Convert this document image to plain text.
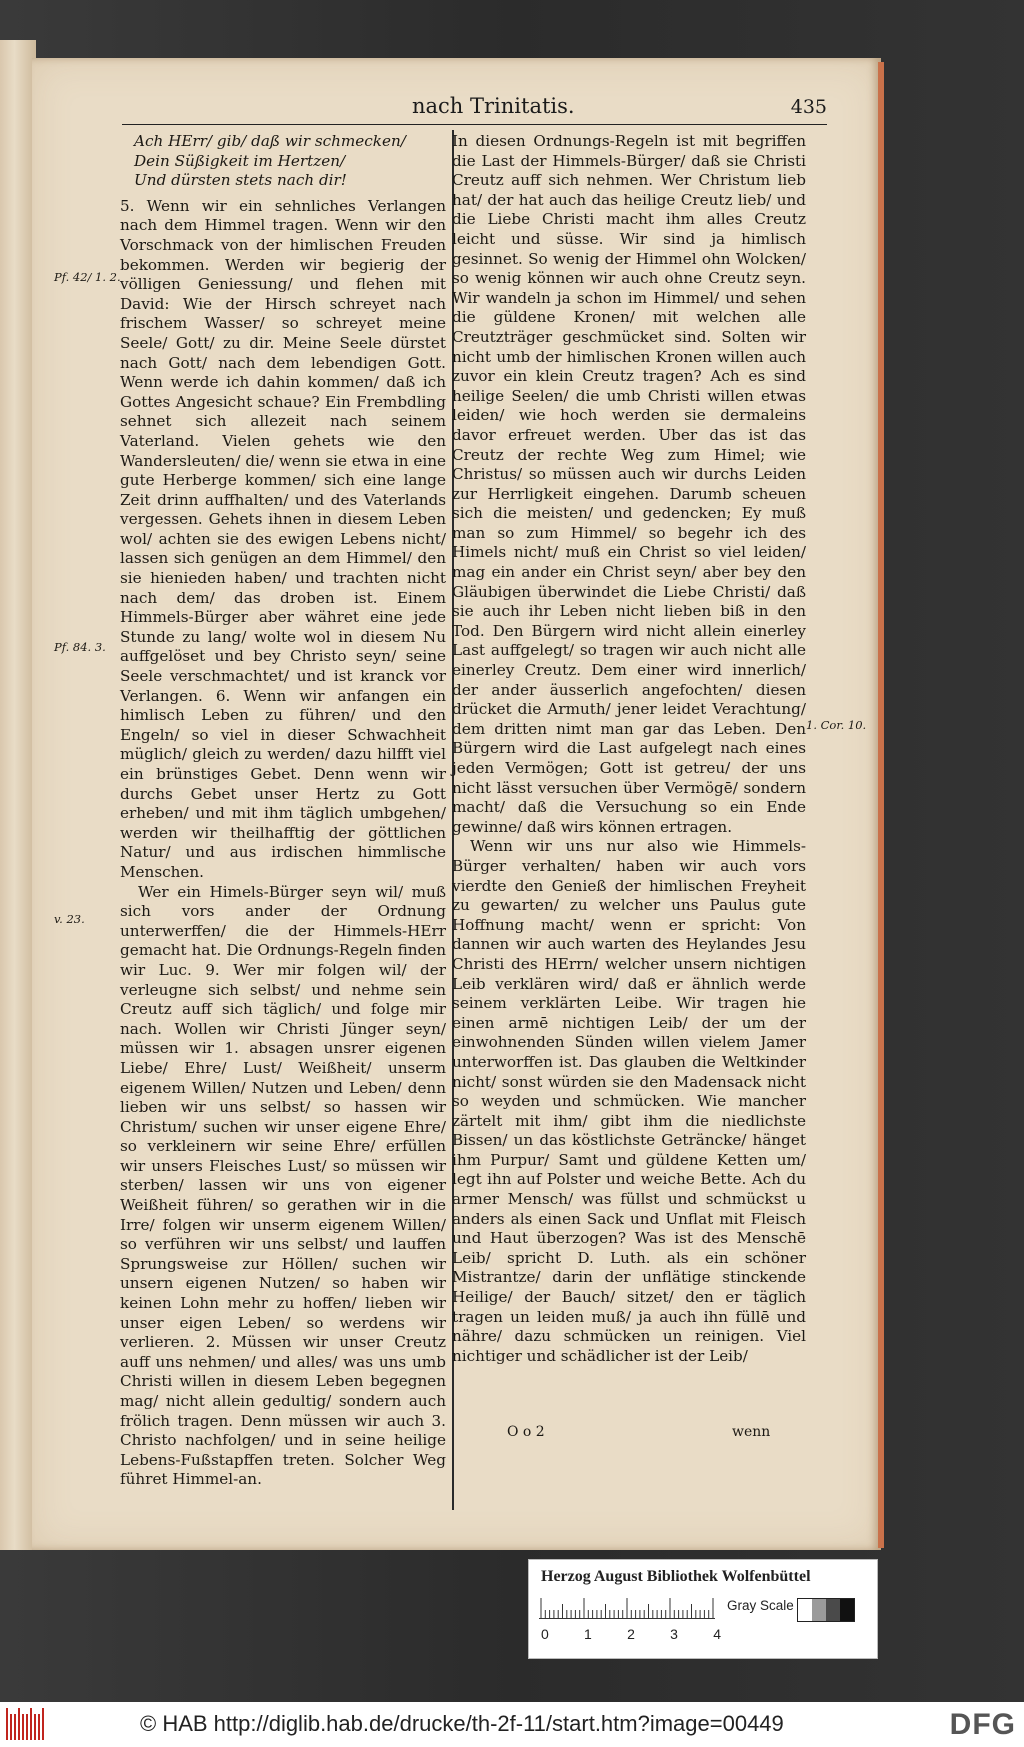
nach Trinitatis.	435
Ach HErr/ gib/ daß wir schmecken/
Dein Süßigkeit im Hertzen/
Und dürsten stets nach dir!

5. Wenn wir ein sehnliches Verlangen nach dem Himmel tragen. Wenn wir den Vorschmack von der himlischen Freuden bekommen. Werden wir begierig der völligen Geniessung/ und flehen mit David: Wie der Hirsch schreyet nach frischem Wasser/ so schreyet meine Seele/ Gott/ zu dir. Meine Seele dürstet nach Gott/ nach dem lebendigen Gott. Wenn werde ich dahin kommen/ daß ich Gottes Angesicht schaue? Ein Frembdling sehnet sich allezeit nach seinem Vaterland. Vielen gehets wie den Wandersleuten/ die/ wenn sie etwa in eine gute Herberge kommen/ sich eine lange Zeit drinn auffhalten/ und des Vaterlands vergessen. Gehets ihnen in diesem Leben wol/ achten sie des ewigen Lebens nicht/ lassen sich genügen an dem Himmel/ den sie hienieden haben/ und trachten nicht nach dem/ das droben ist. Einem Himmels-Bürger aber währet eine jede Stunde zu lang/ wolte wol in diesem Nu auffgelöset und bey Christo seyn/ seine Seele verschmachtet/ und ist kranck vor Verlangen. 6. Wenn wir anfangen ein himlisch Leben zu führen/ und den Engeln/ so viel in dieser Schwachheit müglich/ gleich zu werden/ dazu hilfft viel ein brünstiges Gebet. Denn wenn wir durchs Gebet unser Hertz zu Gott erheben/ und mit ihm täglich umbgehen/ werden wir theilhafftig der göttlichen Natur/ und aus irdischen himmlische Menschen.

Wer ein Himels-Bürger seyn wil/ muß sich vors ander der Ordnung unterwerffen/ die der Himmels-HErr gemacht hat. Die Ordnungs-Regeln finden wir Luc. 9. Wer mir folgen wil/ der verleugne sich selbst/ und nehme sein Creutz auff sich täglich/ und folge mir nach. Wollen wir Christi Jünger seyn/ müssen wir 1. absagen unsrer eigenen Liebe/ Ehre/ Lust/ Weißheit/ unserm eigenem Willen/ Nutzen und Leben/ denn lieben wir uns selbst/ so hassen wir Christum/ suchen wir unser eigene Ehre/ so verkleinern wir seine Ehre/ erfüllen wir unsers Fleisches Lust/ so müssen wir sterben/ lassen wir uns von eigener Weißheit führen/ so gerathen wir in die Irre/ folgen wir unserm eigenem Willen/ so verführen wir uns selbst/ und lauffen Sprungsweise zur Höllen/ suchen wir unsern eigenen Nutzen/ so haben wir keinen Lohn mehr zu hoffen/ lieben wir unser eigen Leben/ so werdens wir verlieren. 2. Müssen wir unser Creutz auff uns nehmen/ und alles/ was uns umb Christi willen in diesem Leben begegnen mag/ nicht allein gedultig/ sondern auch frölich tragen. Denn müssen wir auch 3. Christo nachfolgen/ und in seine heilige Lebens-Fußstapffen treten. Solcher Weg führet Himmel-an.

In diesen Ordnungs-Regeln ist mit begriffen die Last der Himmels-Bürger/ daß sie Christi Creutz auff sich nehmen. Wer Christum lieb hat/ der hat auch das heilige Creutz lieb/ und die Liebe Christi macht ihm alles Creutz leicht und süsse. Wir sind ja himlisch gesinnet. So wenig der Himmel ohn Wolcken/ so wenig können wir auch ohne Creutz seyn. Wir wandeln ja schon im Himmel/ und sehen die güldene Kronen/ mit welchen alle Creutzträger geschmücket sind. Solten wir nicht umb der himlischen Kronen willen auch zuvor ein klein Creutz tragen? Ach es sind heilige Seelen/ die umb Christi willen etwas leiden/ wie hoch werden sie dermaleins davor erfreuet werden. Uber das ist das Creutz der rechte Weg zum Himel; wie Christus/ so müssen auch wir durchs Leiden zur Herrligkeit eingehen. Darumb scheuen sich die meisten/ und gedencken; Ey muß man so zum Himmel/ so begehr ich des Himels nicht/ muß ein Christ so viel leiden/ mag ein ander ein Christ seyn/ aber bey den Gläubigen überwindet die Liebe Christi/ daß sie auch ihr Leben nicht lieben biß in den Tod. Den Bürgern wird nicht allein einerley Last auffgelegt/ so tragen wir auch nicht alle einerley Creutz. Dem einer wird innerlich/ der ander äusserlich angefochten/ diesen drücket die Armuth/ jener leidet Verachtung/ dem dritten nimt man gar das Leben. Den Bürgern wird die Last aufgelegt nach eines jeden Vermögen; Gott ist getreu/ der uns nicht lässt versuchen über Vermögē/ sondern macht/ daß die Versuchung so ein Ende gewinne/ daß wirs können ertragen.

Wenn wir uns nur also wie Himmels-Bürger verhalten/ haben wir auch vors vierdte den Genieß der himlischen Freyheit zu gewarten/ zu welcher uns Paulus gute Hoffnung macht/ wenn er spricht: Von dannen wir auch warten des Heylandes Jesu Christi des HErrn/ welcher unsern nichtigen Leib verklären wird/ daß er ähnlich werde seinem verklärten Leibe. Wir tragen hie einen armē nichtigen Leib/ der um der einwohnenden Sünden willen vielem Jamer unterworffen ist. Das glauben die Weltkinder nicht/ sonst würden sie den Madensack nicht so weyden und schmücken. Wie mancher zärtelt mit ihm/ gibt ihm die niedlichste Bissen/ un das köstlichste Geträncke/ hänget ihm Purpur/ Samt und güldene Ketten um/ legt ihn auf Polster und weiche Bette. Ach du armer Mensch/ was füllst und schmückst u anders als einen Sack und Unflat mit Fleisch und Haut überzogen? Was ist des Menschē Leib/ spricht D. Luth. als ein schöner Mistrantze/ darin der unflätige stinckende Heilige/ der Bauch/ sitzet/ den er täglich tragen un leiden muß/ ja auch ihn füllē und nähre/ dazu schmücken un reinigen. Viel nichtiger und schädlicher ist der Leib/

Pf. 42/ 1. 2.
Pf. 84. 3.
v. 23.
1. Cor. 10.
O o 2	wenn
Herzog August Bibliothek Wolfenbüttel
0	1	2	3	4
Gray Scale
© HAB http://diglib.hab.de/drucke/th-2f-11/start.htm?image=00449	DFG
